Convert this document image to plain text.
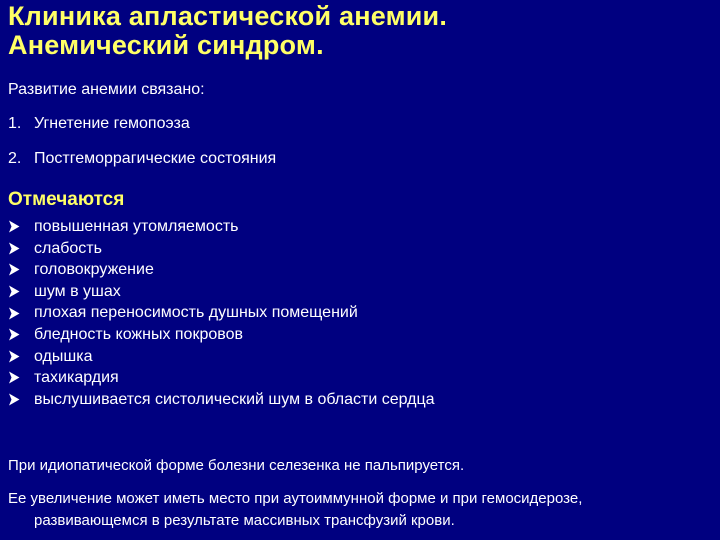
Клиника апластической анемии.
Анемический синдром.
Развитие анемии связано:
1. Угнетение гемопоэза
2. Постгеморрагические состояния
Отмечаются
повышенная утомляемость
слабость
головокружение
шум в ушах
плохая переносимость душных помещений
бледность кожных покровов
одышка
тахикардия
выслушивается систолический шум в области сердца
При идиопатической форме болезни селезенка не пальпируется.
Ее увеличение может иметь место при аутоиммунной форме и при гемосидерозе,
развивающемся в результате массивных трансфузий крови.
